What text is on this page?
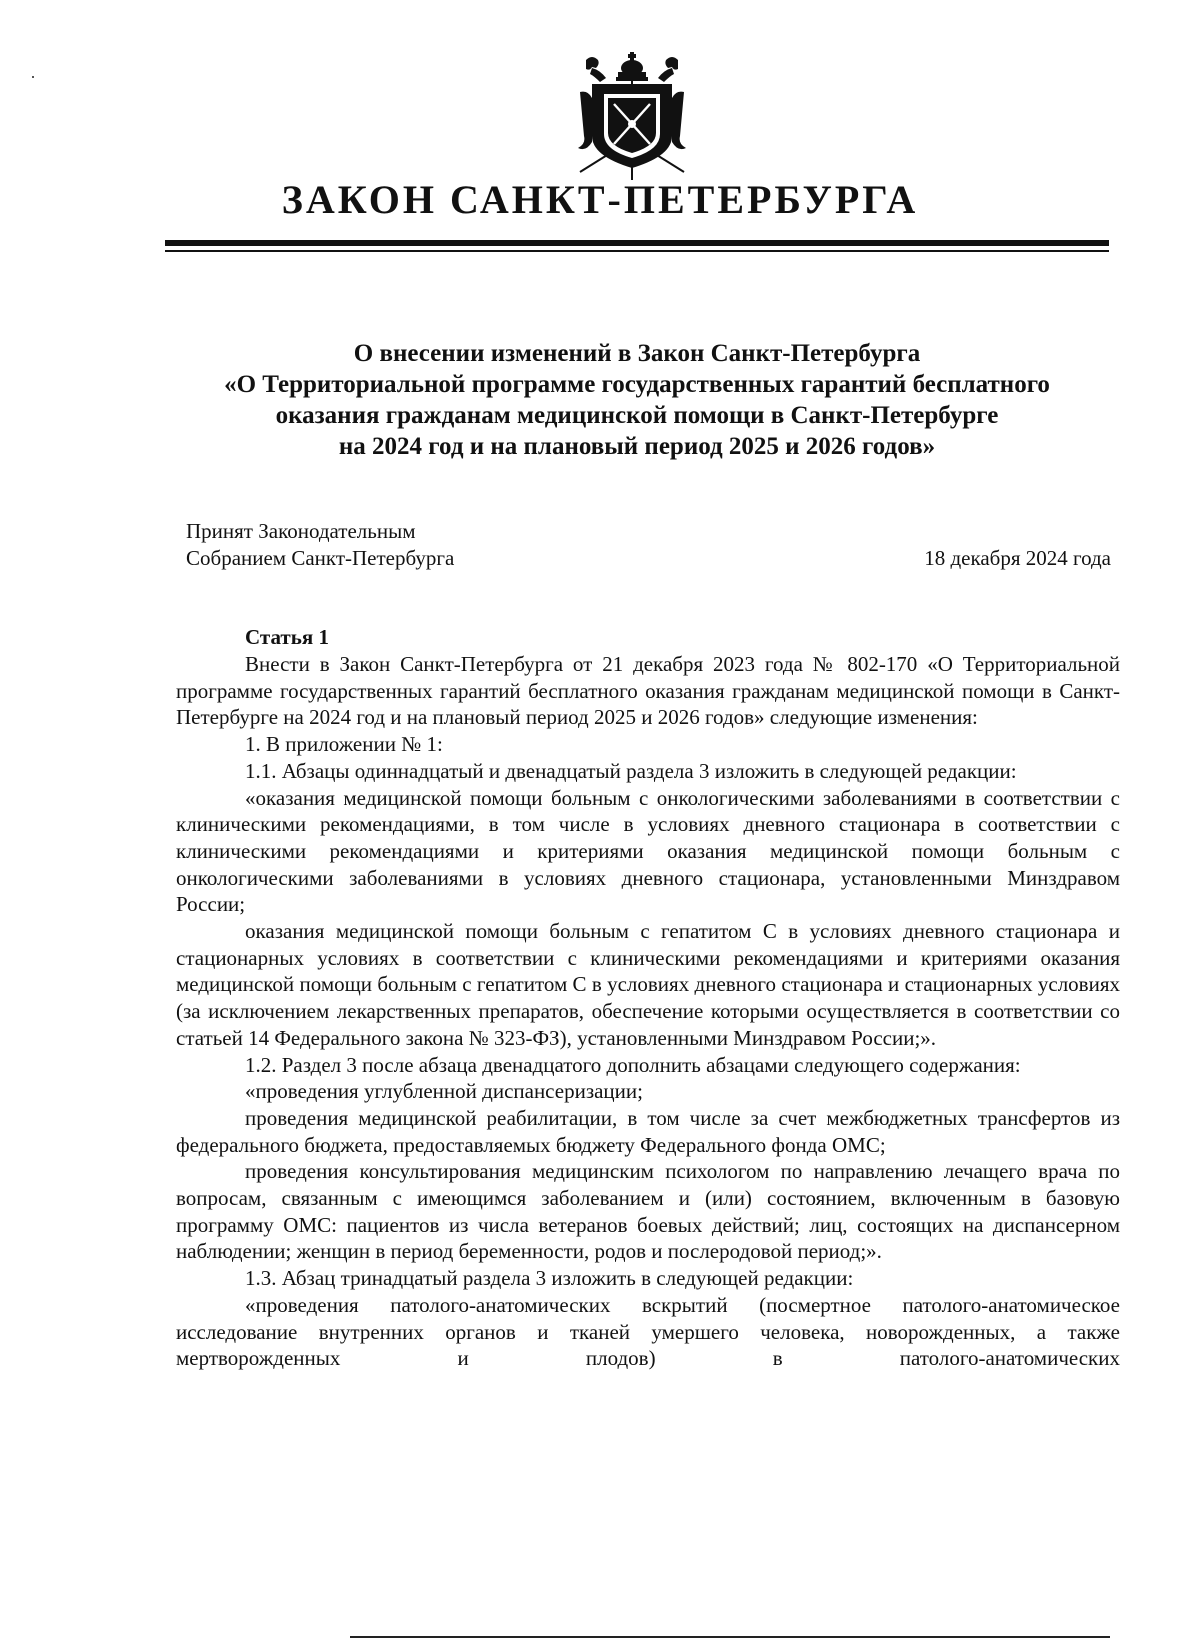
ЗАКОН САНКТ-ПЕТЕРБУРГА
О внесении изменений в Закон Санкт-Петербурга
«О Территориальной программе государственных гарантий бесплатного
оказания гражданам медицинской помощи в Санкт-Петербурге
на 2024 год и на плановый период 2025 и 2026 годов»
Принят Законодательным
Собранием Санкт-Петербурга	18 декабря 2024 года
Статья 1

Внести в Закон Санкт-Петербурга от 21 декабря 2023 года № 802-170 «О Территориальной программе государственных гарантий бесплатного оказания гражданам медицинской помощи в Санкт-Петербурге на 2024 год и на плановый период 2025 и 2026 годов» следующие изменения:

1. В приложении № 1:

1.1. Абзацы одиннадцатый и двенадцатый раздела 3 изложить в следующей редакции:

«оказания медицинской помощи больным с онкологическими заболеваниями в соответствии с клиническими рекомендациями, в том числе в условиях дневного стационара в соответствии с клиническими рекомендациями и критериями оказания медицинской помощи больным с онкологическими заболеваниями в условиях дневного стационара, установленными Минздравом России;

оказания медицинской помощи больным с гепатитом С в условиях дневного стационара и стационарных условиях в соответствии с клиническими рекомендациями и критериями оказания медицинской помощи больным с гепатитом С в условиях дневного стационара и стационарных условиях (за исключением лекарственных препаратов, обеспечение которыми осуществляется в соответствии со статьей 14 Федерального закона № 323-ФЗ), установленными Минздравом России;».

1.2. Раздел 3 после абзаца двенадцатого дополнить абзацами следующего содержания:

«проведения углубленной диспансеризации;

проведения медицинской реабилитации, в том числе за счет межбюджетных трансфертов из федерального бюджета, предоставляемых бюджету Федерального фонда ОМС;

проведения консультирования медицинским психологом по направлению лечащего врача по вопросам, связанным с имеющимся заболеванием и (или) состоянием, включенным в базовую программу ОМС: пациентов из числа ветеранов боевых действий; лиц, состоящих на диспансерном наблюдении; женщин в период беременности, родов и послеродовой период;».

1.3. Абзац тринадцатый раздела 3 изложить в следующей редакции:

«проведения патолого-анатомических вскрытий (посмертное патолого-анатомическое исследование внутренних органов и тканей умершего человека, новорожденных, а также мертворожденных и плодов) в патолого-анатомических
